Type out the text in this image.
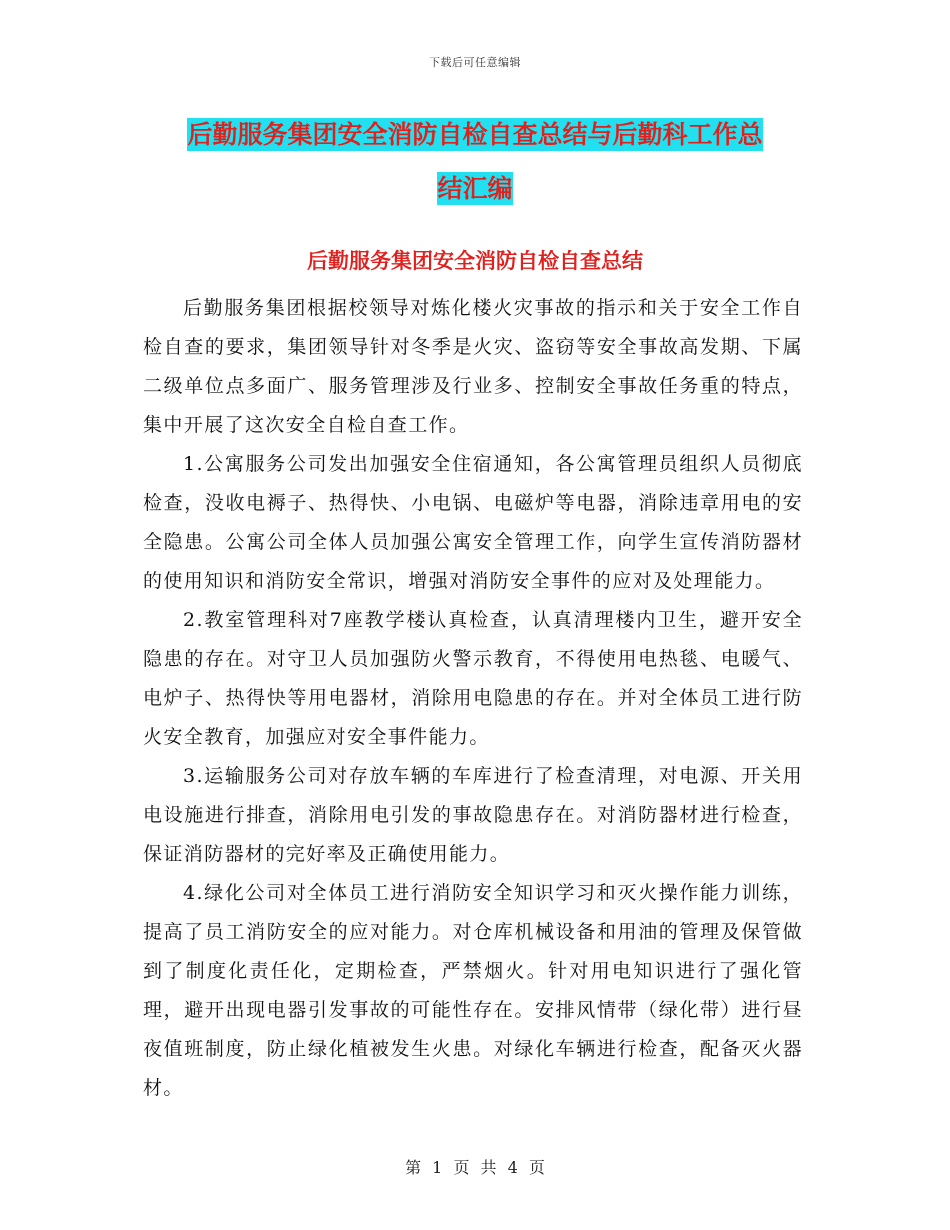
下载后可任意编辑
后勤服务集团安全消防自检自查总结与后勤科工作总
结汇编
后勤服务集团安全消防自检自查总结

后勤服务集团根据校领导对炼化楼火灾事故的指示和关于安全工作自检自查的要求，集团领导针对冬季是火灾、盗窃等安全事故高发期、下属二级单位点多面广、服务管理涉及行业多、控制安全事故任务重的特点，集中开展了这次安全自检自查工作。

1.公寓服务公司发出加强安全住宿通知，各公寓管理员组织人员彻底检查，没收电褥子、热得快、小电锅、电磁炉等电器，消除违章用电的安全隐患。公寓公司全体人员加强公寓安全管理工作，向学生宣传消防器材的使用知识和消防安全常识，增强对消防安全事件的应对及处理能力。

2.教室管理科对7座教学楼认真检查，认真清理楼内卫生，避开安全隐患的存在。对守卫人员加强防火警示教育，不得使用电热毯、电暖气、电炉子、热得快等用电器材，消除用电隐患的存在。并对全体员工进行防火安全教育，加强应对安全事件能力。

3.运输服务公司对存放车辆的车库进行了检查清理，对电源、开关用电设施进行排查，消除用电引发的事故隐患存在。对消防器材进行检查，保证消防器材的完好率及正确使用能力。

4.绿化公司对全体员工进行消防安全知识学习和灭火操作能力训练，提高了员工消防安全的应对能力。对仓库机械设备和用油的管理及保管做到了制度化责任化，定期检查，严禁烟火。针对用电知识进行了强化管理，避开出现电器引发事故的可能性存在。安排风情带（绿化带）进行昼夜值班制度，防止绿化植被发生火患。对绿化车辆进行检查，配备灭火器材。

第 1 页 共 4 页
